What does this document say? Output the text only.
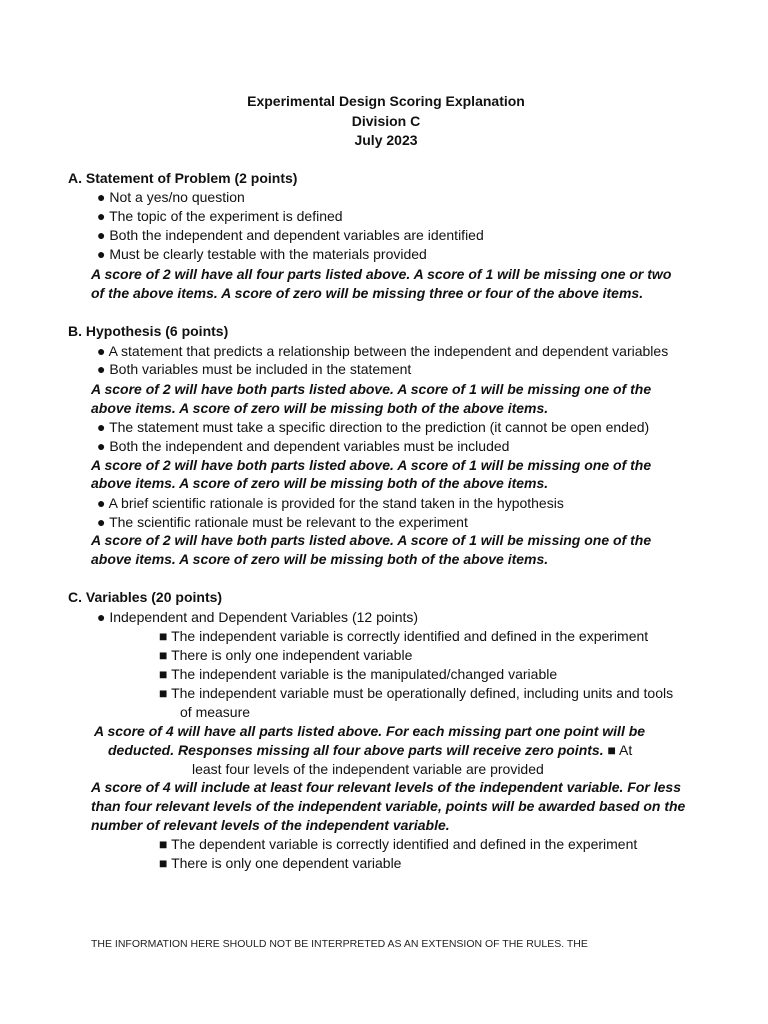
Experimental Design Scoring Explanation
Division C
July 2023
A. Statement of Problem (2 points)
● Not a yes/no question
● The topic of the experiment is defined
● Both the independent and dependent variables are identified
● Must be clearly testable with the materials provided
A score of 2 will have all four parts listed above. A score of 1 will be missing one or two
of the above items. A score of zero will be missing three or four of the above items.
B. Hypothesis (6 points)
● A statement that predicts a relationship between the independent and dependent variables
● Both variables must be included in the statement
A score of 2 will have both parts listed above. A score of 1 will be missing one of the
above items. A score of zero will be missing both of the above items.
● The statement must take a specific direction to the prediction (it cannot be open ended)
● Both the independent and dependent variables must be included
A score of 2 will have both parts listed above. A score of 1 will be missing one of the
above items. A score of zero will be missing both of the above items.
● A brief scientific rationale is provided for the stand taken in the hypothesis
● The scientific rationale must be relevant to the experiment
A score of 2 will have both parts listed above. A score of 1 will be missing one of the
above items. A score of zero will be missing both of the above items.
C. Variables (20 points)
● Independent and Dependent Variables (12 points)
■ The independent variable is correctly identified and defined in the experiment
■ There is only one independent variable
■ The independent variable is the manipulated/changed variable
■ The independent variable must be operationally defined, including units and tools
of measure
A score of 4 will have all parts listed above. For each missing part one point will be
deducted. Responses missing all four above parts will receive zero points. ■ At
least four levels of the independent variable are provided
A score of 4 will include at least four relevant levels of the independent variable. For less
than four relevant levels of the independent variable, points will be awarded based on the
number of relevant levels of the independent variable.
■ The dependent variable is correctly identified and defined in the experiment
■ There is only one dependent variable
THE INFORMATION HERE SHOULD NOT BE INTERPRETED AS AN EXTENSION OF THE RULES. THE
